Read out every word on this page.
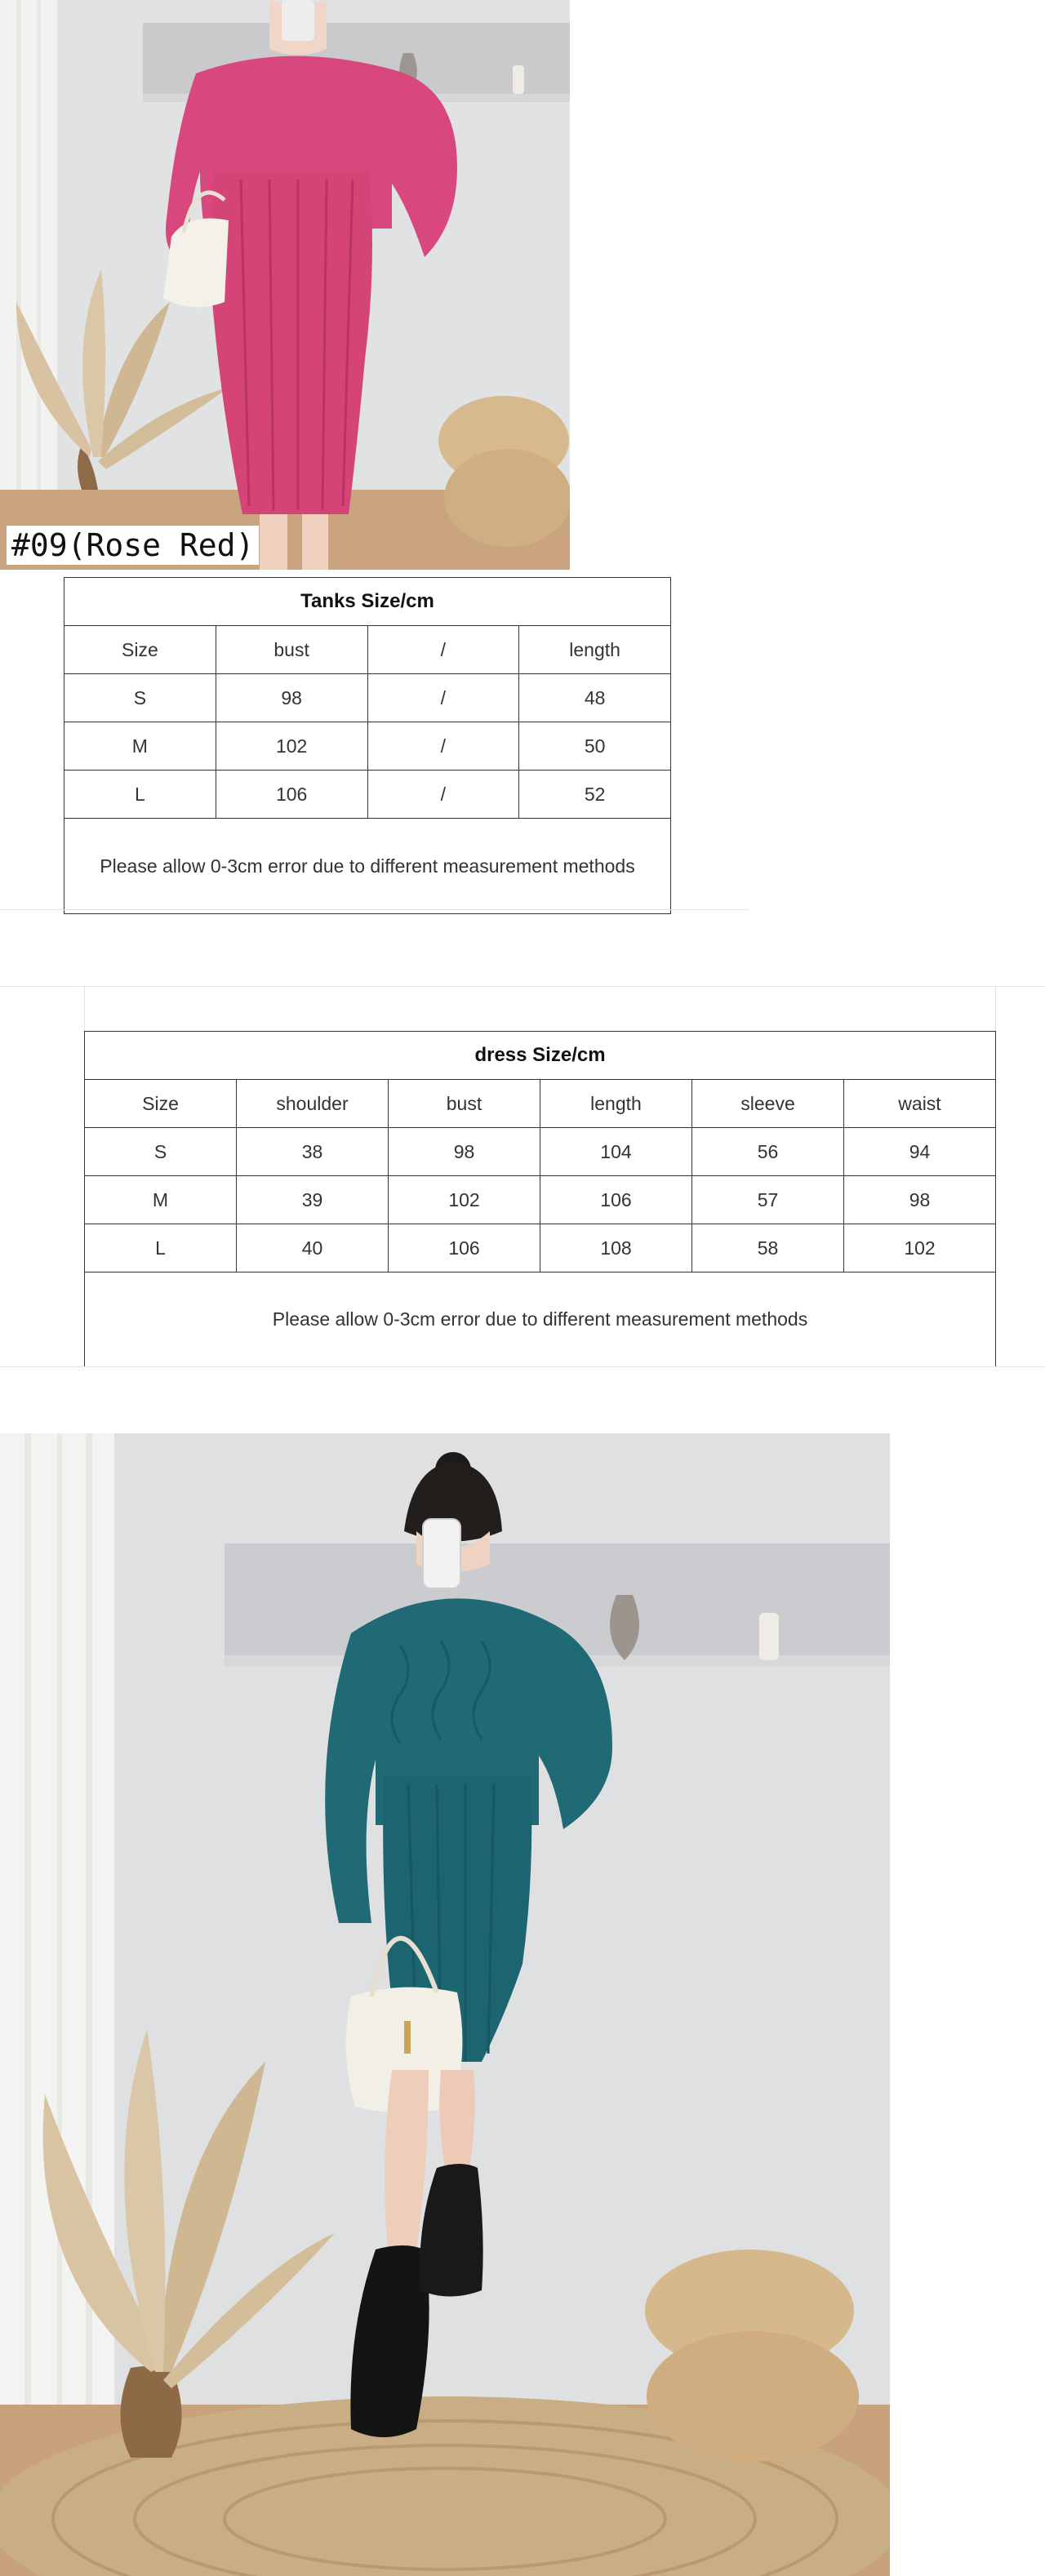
#09(Rose Red)
Tanks Size/cm			
Size	bust	/	length
S	98	/	48
M	102	/	50
L	106	/	52
Please allow 0-3cm error due to different measurement methods			
dress Size/cm					
Size	shoulder	bust	length	sleeve	waist
S	38	98	104	56	94
M	39	102	106	57	98
L	40	106	108	58	102
Please allow 0-3cm error due to different measurement methods					
